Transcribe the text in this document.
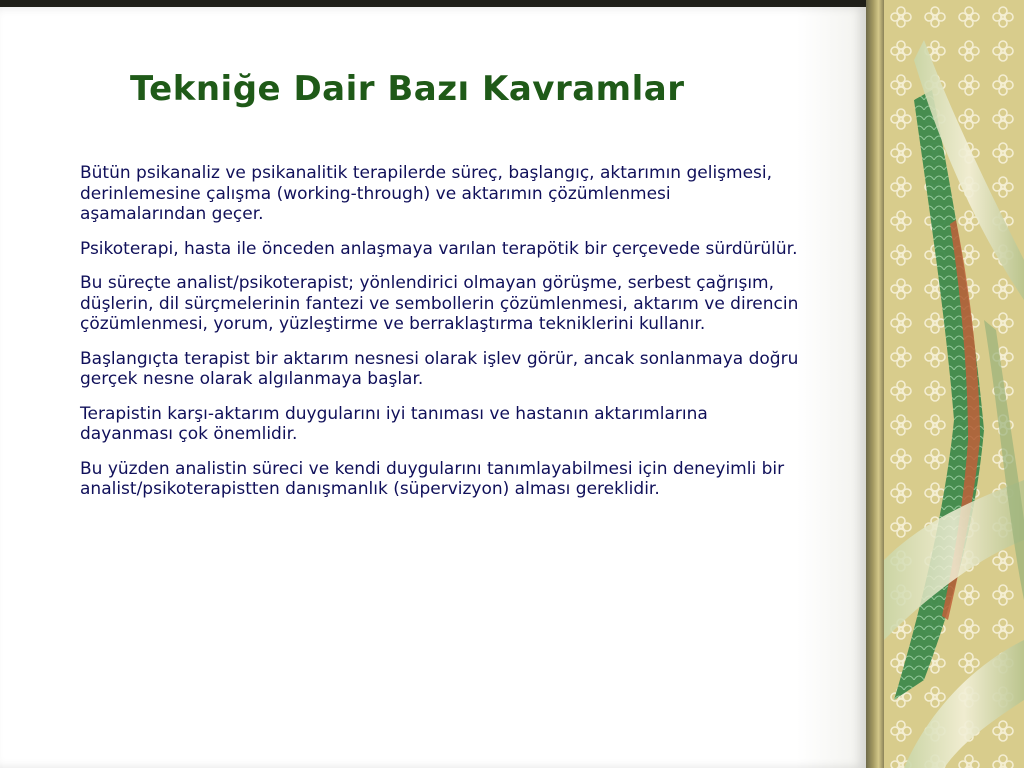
Tekniğe Dair Bazı Kavramlar

Bütün psikanaliz ve psikanalitik terapilerde süreç, başlangıç, aktarımın gelişmesi, derinlemesine çalışma (working-through) ve aktarımın çözümlenmesi aşamalarından geçer.

Psikoterapi, hasta ile önceden anlaşmaya varılan terapötik bir çerçevede sürdürülür.

Bu süreçte analist/psikoterapist; yönlendirici olmayan görüşme, serbest çağrışım, düşlerin, dil sürçmelerinin fantezi ve sembollerin çözümlenmesi, aktarım ve direncin çözümlenmesi, yorum, yüzleştirme ve berraklaştırma tekniklerini kullanır.

Başlangıçta terapist bir aktarım nesnesi olarak işlev görür, ancak sonlanmaya doğru gerçek nesne olarak algılanmaya başlar.

Terapistin karşı-aktarım duygularını iyi tanıması ve hastanın aktarımlarına dayanması çok önemlidir.

Bu yüzden analistin süreci ve kendi duygularını tanımlayabilmesi için deneyimli bir analist/psikoterapistten danışmanlık (süpervizyon) alması gereklidir.
